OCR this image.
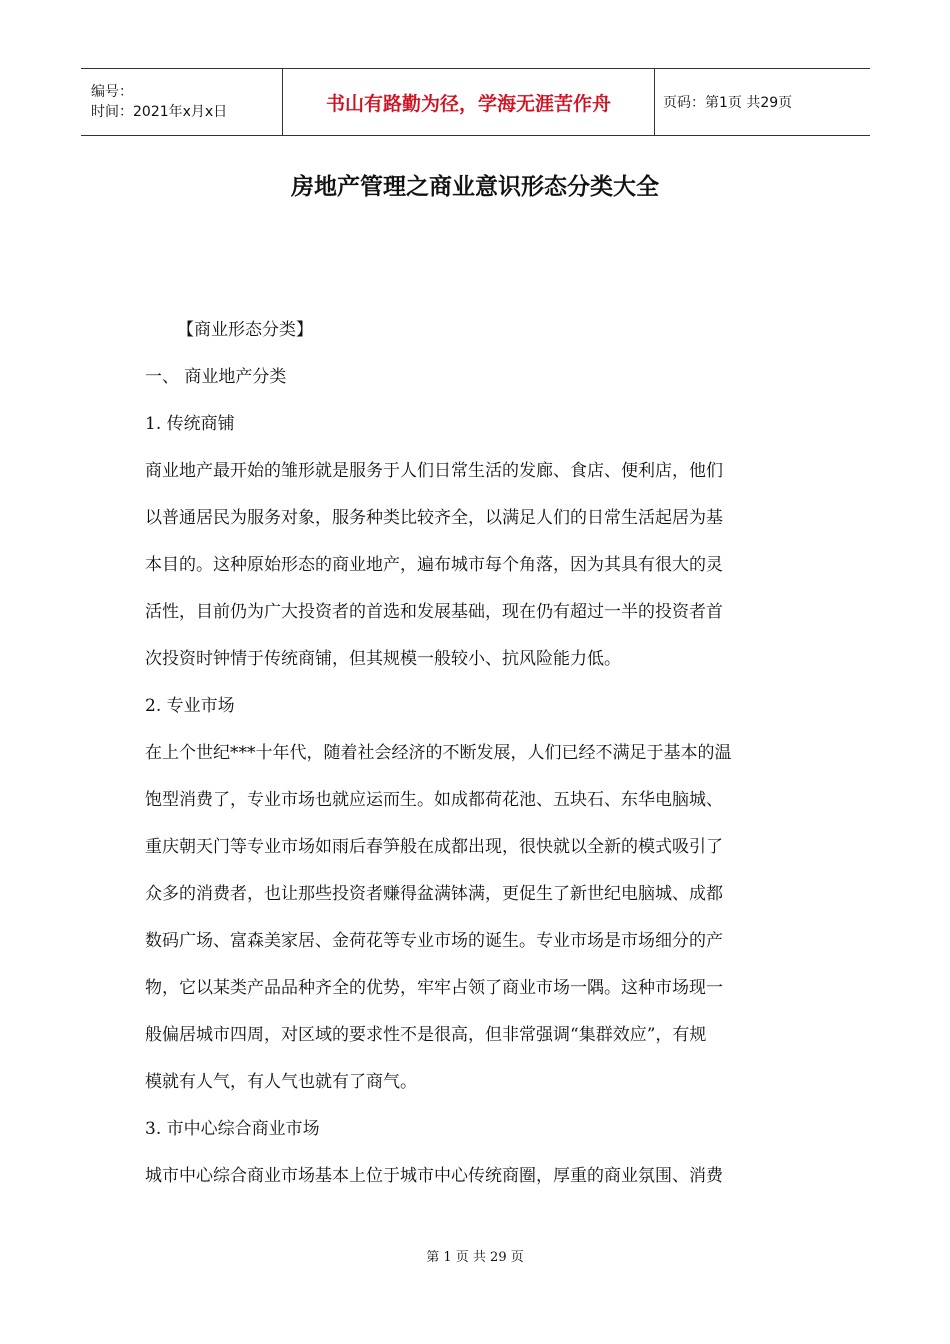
编号：
时间：2021年x月x日	书山有路勤为径，学海无涯苦作舟	页码：第1页 共29页
房地产管理之商业意识形态分类大全
【商业形态分类】
一、 商业地产分类
1. 传统商铺
商业地产最开始的雏形就是服务于人们日常生活的发廊、食店、便利店，他们
以普通居民为服务对象，服务种类比较齐全，以满足人们的日常生活起居为基
本目的。这种原始形态的商业地产，遍布城市每个角落，因为其具有很大的灵
活性，目前仍为广大投资者的首选和发展基础，现在仍有超过一半的投资者首
次投资时钟情于传统商铺，但其规模一般较小、抗风险能力低。
2. 专业市场
在上个世纪***十年代，随着社会经济的不断发展，人们已经不满足于基本的温
饱型消费了，专业市场也就应运而生。如成都荷花池、五块石、东华电脑城、
重庆朝天门等专业市场如雨后春笋般在成都出现，很快就以全新的模式吸引了
众多的消费者，也让那些投资者赚得盆满钵满，更促生了新世纪电脑城、成都
数码广场、富森美家居、金荷花等专业市场的诞生。专业市场是市场细分的产
物，它以某类产品品种齐全的优势，牢牢占领了商业市场一隅。这种市场现一
般偏居城市四周，对区域的要求性不是很高，但非常强调“集群效应”，有规
模就有人气，有人气也就有了商气。
3. 市中心综合商业市场
城市中心综合商业市场基本上位于城市中心传统商圈，厚重的商业氛围、消费
第 1 页 共 29 页
